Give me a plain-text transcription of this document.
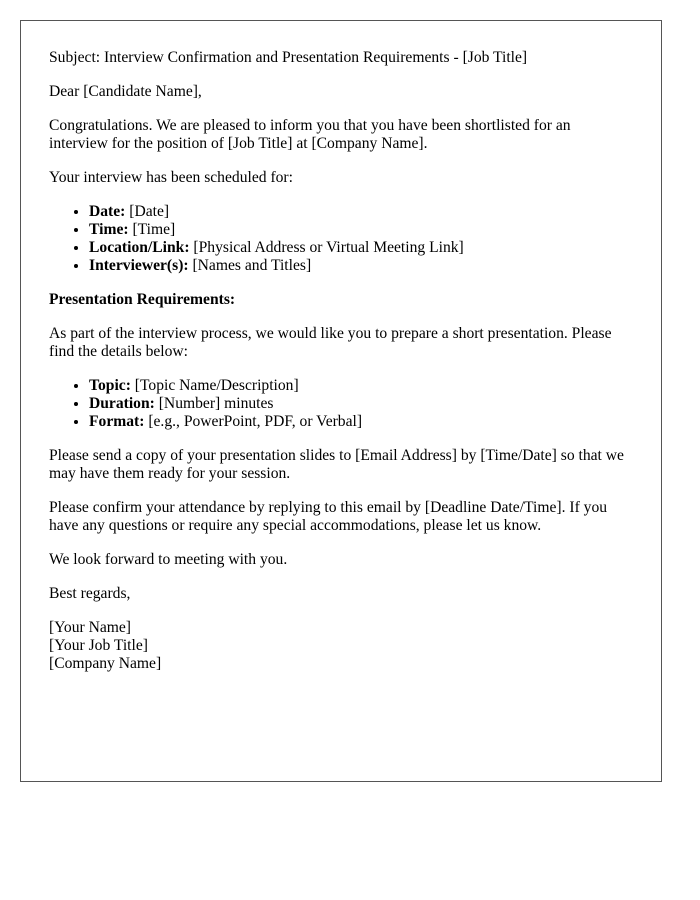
Subject: Interview Confirmation and Presentation Requirements - [Job Title]

Dear [Candidate Name],

Congratulations. We are pleased to inform you that you have been shortlisted for an interview for the position of [Job Title] at [Company Name].

Your interview has been scheduled for:

• Date: [Date]
• Time: [Time]
• Location/Link: [Physical Address or Virtual Meeting Link]
• Interviewer(s): [Names and Titles]

Presentation Requirements:

As part of the interview process, we would like you to prepare a short presentation. Please find the details below:

• Topic: [Topic Name/Description]
• Duration: [Number] minutes
• Format: [e.g., PowerPoint, PDF, or Verbal]

Please send a copy of your presentation slides to [Email Address] by [Time/Date] so that we may have them ready for your session.

Please confirm your attendance by replying to this email by [Deadline Date/Time]. If you have any questions or require any special accommodations, please let us know.

We look forward to meeting with you.

Best regards,

[Your Name]
[Your Job Title]
[Company Name]
